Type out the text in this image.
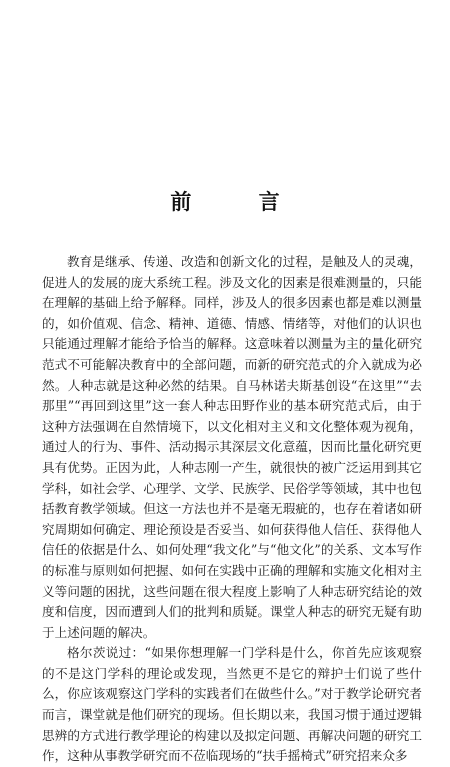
前 言

教育是继承、传递、改造和创新文化的过程，是触及人的灵魂，促进人的发展的庞大系统工程。涉及文化的因素是很难测量的，只能在理解的基础上给予解释。同样，涉及人的很多因素也都是难以测量的，如价值观、信念、精神、道德、情感、情绪等，对他们的认识也只能通过理解才能给予恰当的解释。这意味着以测量为主的量化研究范式不可能解决教育中的全部问题，而新的研究范式的介入就成为必然。人种志就是这种必然的结果。自马林诺夫斯基创设“在这里”“去那里”“再回到这里”这一套人种志田野作业的基本研究范式后，由于这种方法强调在自然情境下，以文化相对主义和文化整体观为视角，通过人的行为、事件、活动揭示其深层文化意蕴，因而比量化研究更具有优势。正因为此，人种志刚一产生，就很快的被广泛运用到其它学科，如社会学、心理学、文学、民族学、民俗学等领域，其中也包括教育教学领域。但这一方法也并不是毫无瑕疵的，也存在着诸如研究周期如何确定、理论预设是否妥当、如何获得他人信任、获得他人信任的依据是什么、如何处理“我文化”与“他文化”的关系、文本写作的标准与原则如何把握、如何在实践中正确的理解和实施文化相对主义等问题的困扰，这些问题在很大程度上影响了人种志研究结论的效度和信度，因而遭到人们的批判和质疑。课堂人种志的研究无疑有助于上述问题的解决。

格尔茨说过：“如果你想理解一门学科是什么，你首先应该观察的不是这门学科的理论或发现，当然更不是它的辩护士们说了些什么，你应该观察这门学科的实践者们在做些什么。”对于教学论研究者而言，课堂就是他们研究的现场。但长期以来，我国习惯于通过逻辑思辨的方式进行教学理论的构建以及拟定问题、再解决问题的研究工作，这种从事教学研究而不莅临现场的“扶手摇椅式”研究招来众多
